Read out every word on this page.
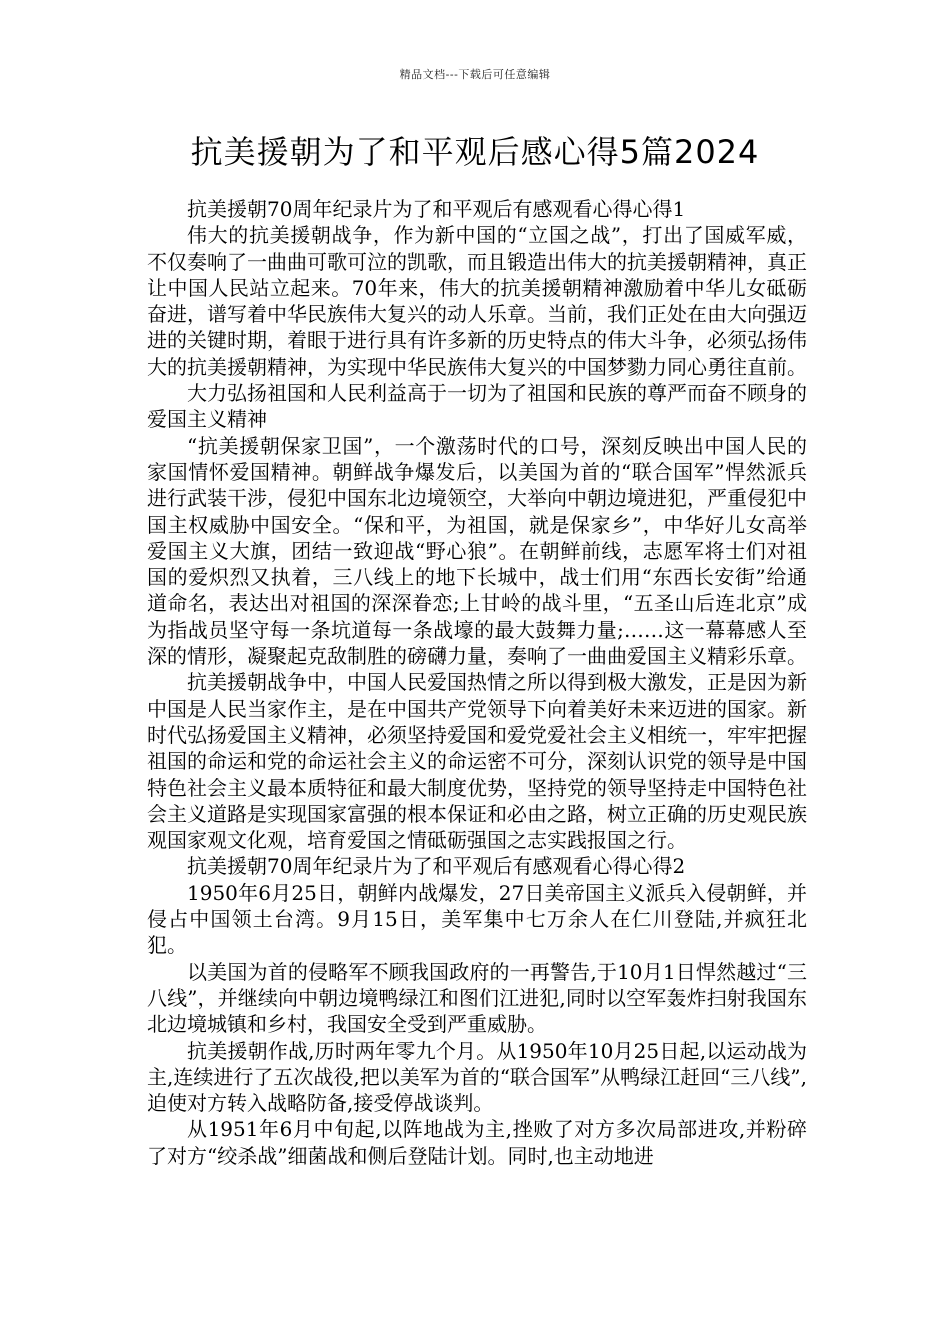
精品文档---下载后可任意编辑
抗美援朝为了和平观后感心得5篇2024

抗美援朝70周年纪录片为了和平观后有感观看心得心得1

伟大的抗美援朝战争，作为新中国的“立国之战”，打出了国威军威，不仅奏响了一曲曲可歌可泣的凯歌，而且锻造出伟大的抗美援朝精神，真正让中国人民站立起来。70年来，伟大的抗美援朝精神激励着中华儿女砥砺奋进，谱写着中华民族伟大复兴的动人乐章。当前，我们正处在由大向强迈进的关键时期，着眼于进行具有许多新的历史特点的伟大斗争，必须弘扬伟大的抗美援朝精神，为实现中华民族伟大复兴的中国梦勠力同心勇往直前。

大力弘扬祖国和人民利益高于一切为了祖国和民族的尊严而奋不顾身的爱国主义精神

“抗美援朝保家卫国”，一个激荡时代的口号，深刻反映出中国人民的家国情怀爱国精神。朝鲜战争爆发后，以美国为首的“联合国军”悍然派兵进行武装干涉，侵犯中国东北边境领空，大举向中朝边境进犯，严重侵犯中国主权威胁中国安全。“保和平，为祖国，就是保家乡”，中华好儿女高举爱国主义大旗，团结一致迎战“野心狼”。在朝鲜前线，志愿军将士们对祖国的爱炽烈又执着，三八线上的地下长城中，战士们用“东西长安街”给通道命名，表达出对祖国的深深眷恋;上甘岭的战斗里，“五圣山后连北京”成为指战员坚守每一条坑道每一条战壕的最大鼓舞力量;……这一幕幕感人至深的情形，凝聚起克敌制胜的磅礴力量，奏响了一曲曲爱国主义精彩乐章。

抗美援朝战争中，中国人民爱国热情之所以得到极大激发，正是因为新中国是人民当家作主，是在中国共产党领导下向着美好未来迈进的国家。新时代弘扬爱国主义精神，必须坚持爱国和爱党爱社会主义相统一，牢牢把握祖国的命运和党的命运社会主义的命运密不可分，深刻认识党的领导是中国特色社会主义最本质特征和最大制度优势，坚持党的领导坚持走中国特色社会主义道路是实现国家富强的根本保证和必由之路，树立正确的历史观民族观国家观文化观，培育爱国之情砥砺强国之志实践报国之行。

抗美援朝70周年纪录片为了和平观后有感观看心得心得2

1950年6月25日，朝鲜内战爆发，27日美帝国主义派兵入侵朝鲜，并侵占中国领土台湾。9月15日，美军集中七万余人在仁川登陆,并疯狂北犯。

以美国为首的侵略军不顾我国政府的一再警告,于10月1日悍然越过“三八线”，并继续向中朝边境鸭绿江和图们江进犯,同时以空军轰炸扫射我国东北边境城镇和乡村，我国安全受到严重威胁。

抗美援朝作战,历时两年零九个月。从1950年10月25日起,以运动战为主,连续进行了五次战役,把以美军为首的“联合国军”从鸭绿江赶回“三八线”,迫使对方转入战略防备,接受停战谈判。

从1951年6月中旬起,以阵地战为主,挫败了对方多次局部进攻,并粉碎了对方“绞杀战”细菌战和侧后登陆计划。同时,也主动地进
